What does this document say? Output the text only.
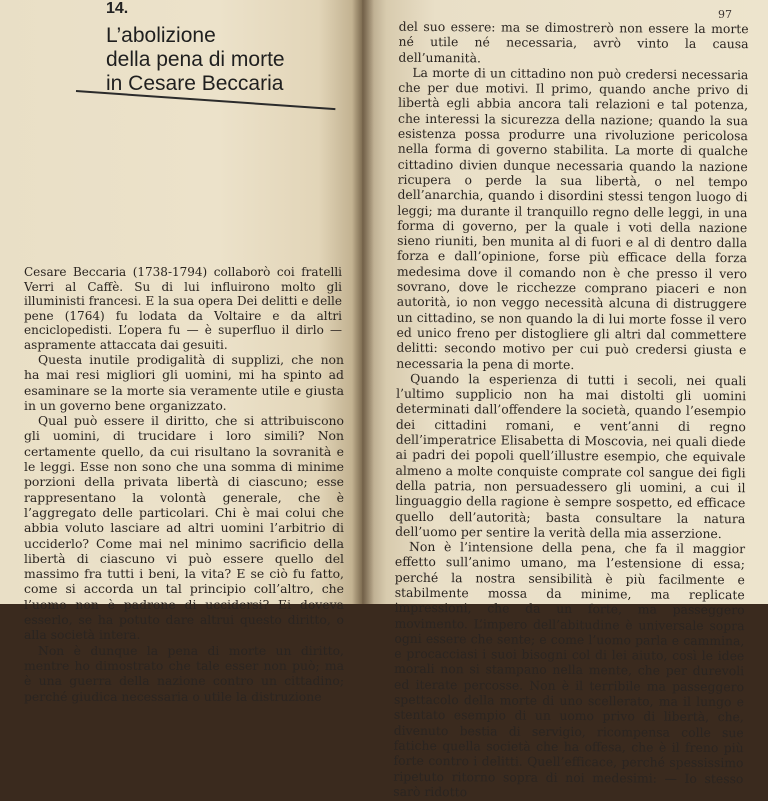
14.
L’abolizione
della pena di morte
in Cesare Beccaria

Cesare Beccaria (1738-1794) collaborò coi fratelli Verri al Caffè. Su di lui influirono molto gli illuministi francesi. E la sua opera Dei delitti e delle pene (1764) fu lodata da Voltaire e da altri enciclopedisti. L’opera fu — è superfluo il dirlo — aspramente attaccata dai gesuiti.

Questa inutile prodigalità di supplizi, che non ha mai resi migliori gli uomini, mi ha spinto ad esaminare se la morte sia veramente utile e giusta in un governo bene organizzato.

Qual può essere il diritto, che si attribuiscono gli uomini, di trucidare i loro simili? Non certamente quello, da cui risultano la sovranità e le leggi. Esse non sono che una somma di minime porzioni della privata libertà di ciascuno; esse rappresentano la volontà generale, che è l’aggregato delle particolari. Chi è mai colui che abbia voluto lasciare ad altri uomini l’arbitrio di ucciderlo? Come mai nel minimo sacrificio della libertà di ciascuno vi può essere quello del massimo fra tutti i beni, la vita? E se ciò fu fatto, come si accorda un tal principio coll’altro, che l’uomo non è padrone di uccidersi? Ei doveva esserlo, se ha potuto dare altrui questo diritto, o alla società intera.

Non è dunque la pena di morte un diritto, mentre ho dimostrato che tale esser non può; ma è una guerra della nazione contro un cittadino; perché giudica necessaria o utile la distruzione

97

del suo essere: ma se dimostrerò non essere la morte né utile né necessaria, avrò vinto la causa dell’umanità.

La morte di un cittadino non può credersi necessaria che per due motivi. Il primo, quando anche privo di libertà egli abbia ancora tali relazioni e tal potenza, che interessi la sicurezza della nazione; quando la sua esistenza possa produrre una rivoluzione pericolosa nella forma di governo stabilita. La morte di qualche cittadino divien dunque necessaria quando la nazione ricupera o perde la sua libertà, o nel tempo dell’anarchia, quando i disordini stessi tengon luogo di leggi; ma durante il tranquillo regno delle leggi, in una forma di governo, per la quale i voti della nazione sieno riuniti, ben munita al di fuori e al di dentro dalla forza e dall’opinione, forse più efficace della forza medesima dove il comando non è che presso il vero sovrano, dove le ricchezze comprano piaceri e non autorità, io non veggo necessità alcuna di distruggere un cittadino, se non quando la di lui morte fosse il vero ed unico freno per distogliere gli altri dal commettere delitti: secondo motivo per cui può credersi giusta e necessaria la pena di morte.

Quando la esperienza di tutti i secoli, nei quali l’ultimo supplicio non ha mai distolti gli uomini determinati dall’offendere la società, quando l’esempio dei cittadini romani, e vent’anni di regno dell’imperatrice Elisabetta di Moscovia, nei quali diede ai padri dei popoli quell’illustre esempio, che equivale almeno a molte conquiste comprate col sangue dei figli della patria, non persuadessero gli uomini, a cui il linguaggio della ragione è sempre sospetto, ed efficace quello dell’autorità; basta consultare la natura dell’uomo per sentire la verità della mia asserzione.

Non è l’intensione della pena, che fa il maggior effetto sull’animo umano, ma l’estensione di essa; perché la nostra sensibilità è più facilmente e stabilmente mossa da minime, ma replicate impressioni, che da un forte, ma passeggero movimento. L’impero dell’abitudine è universale sopra ogni essere che sente; e come l’uomo parla e cammina, e procacciasi i suoi bisogni col di lei aiuto, così le idee morali non si stampano nella mente, che per durevoli ed iterate percosse. Non è il terribile ma passeggero spettacolo della morte di uno scellerato, ma il lungo e stentato esempio di un uomo privo di libertà, che, divenuto bestia di servigio, ricompensa colle sue fatiche quella società che ha offesa, che è il freno più forte contro i delitti. Quell’efficace, perché spessissimo ripetuto ritorno sopra di noi medesimi: — Io stesso sarò ridotto
